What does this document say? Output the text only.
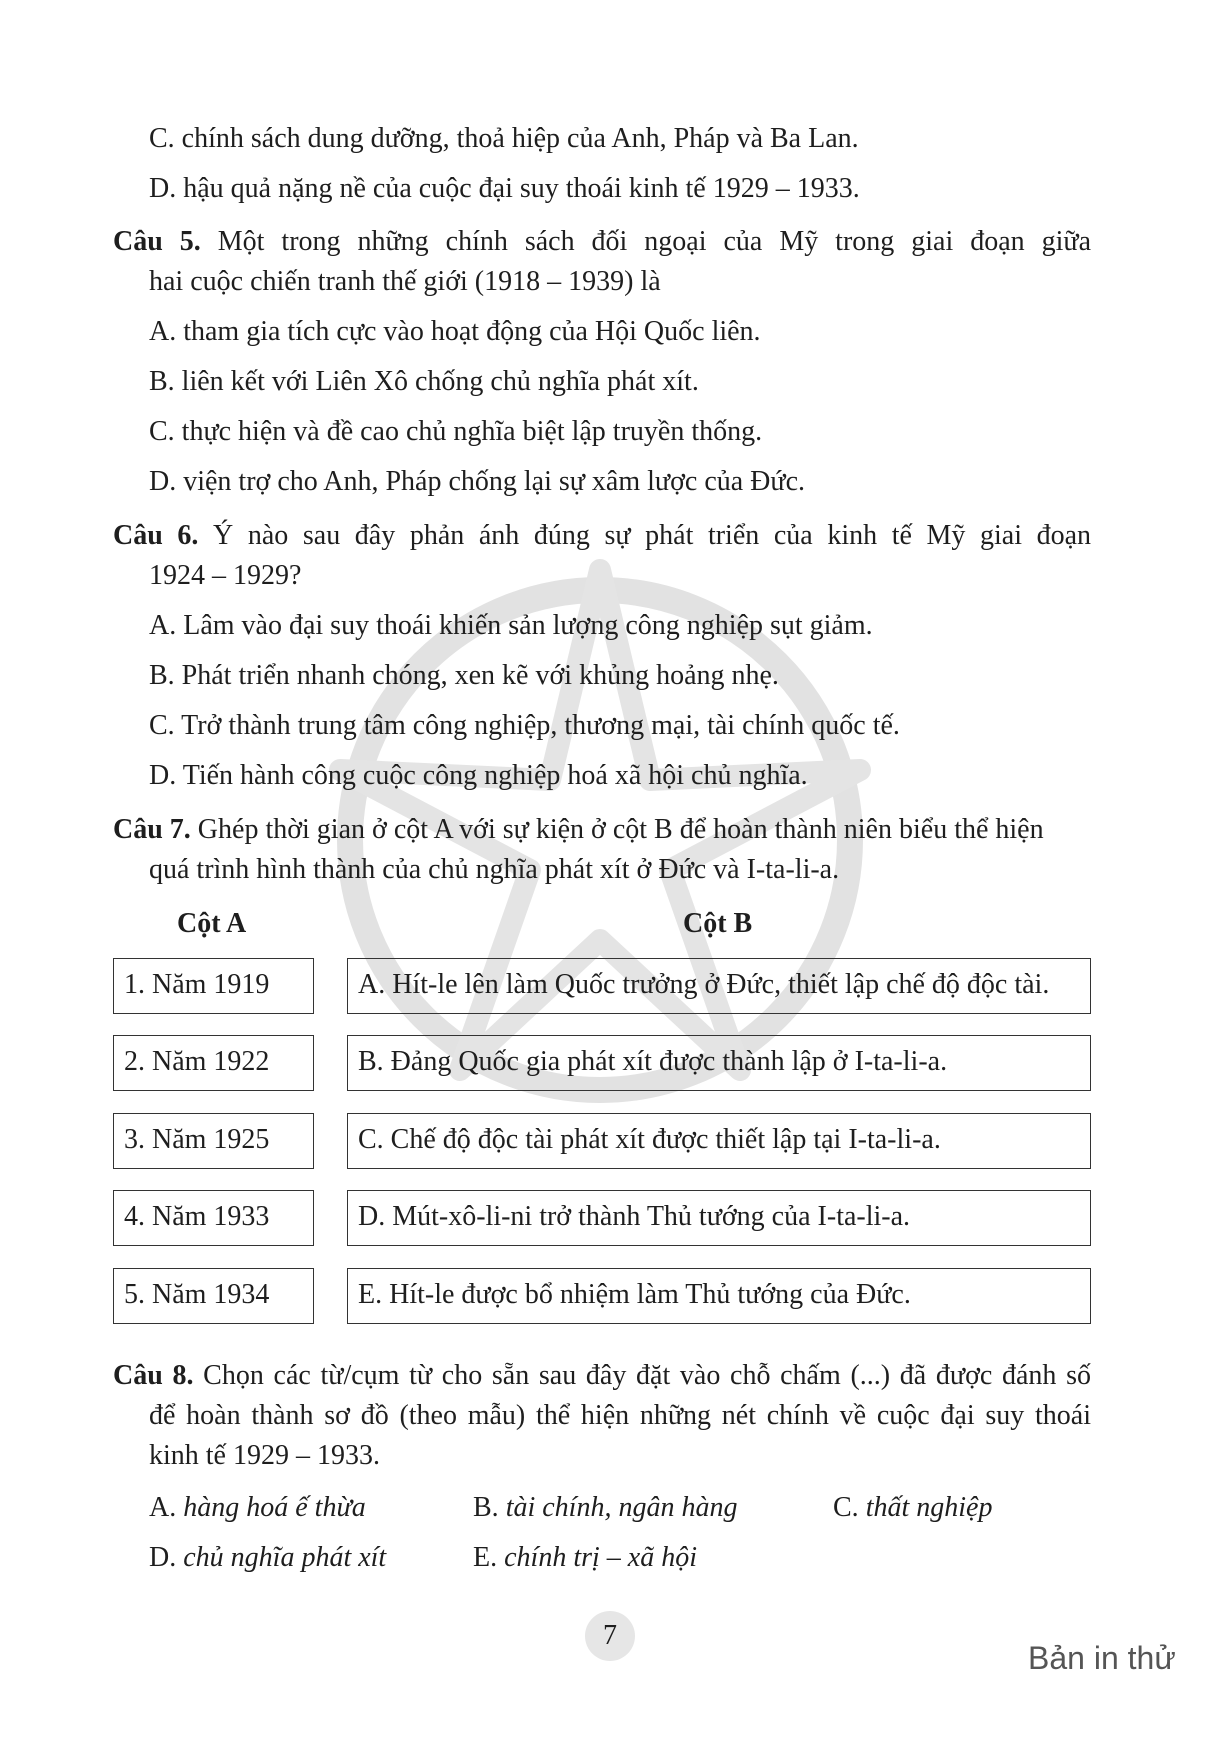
C. chính sách dung dưỡng, thoả hiệp của Anh, Pháp và Ba Lan.
D. hậu quả nặng nề của cuộc đại suy thoái kinh tế 1929 – 1933.
Câu 5. Một trong những chính sách đối ngoại của Mỹ trong giai đoạn giữa
hai cuộc chiến tranh thế giới (1918 – 1939) là
A. tham gia tích cực vào hoạt động của Hội Quốc liên.
B. liên kết với Liên Xô chống chủ nghĩa phát xít.
C. thực hiện và đề cao chủ nghĩa biệt lập truyền thống.
D. viện trợ cho Anh, Pháp chống lại sự xâm lược của Đức.
Câu 6. Ý nào sau đây phản ánh đúng sự phát triển của kinh tế Mỹ giai đoạn
1924 – 1929?
A. Lâm vào đại suy thoái khiến sản lượng công nghiệp sụt giảm.
B. Phát triển nhanh chóng, xen kẽ với khủng hoảng nhẹ.
C. Trở thành trung tâm công nghiệp, thương mại, tài chính quốc tế.
D. Tiến hành công cuộc công nghiệp hoá xã hội chủ nghĩa.
Câu 7. Ghép thời gian ở cột A với sự kiện ở cột B để hoàn thành niên biểu thể hiện
quá trình hình thành của chủ nghĩa phát xít ở Đức và I-ta-li-a.
Cột A	Cột B
1. Năm 1919	A. Hít-le lên làm Quốc trưởng ở Đức, thiết lập chế độ độc tài.
2. Năm 1922	B. Đảng Quốc gia phát xít được thành lập ở I-ta-li-a.
3. Năm 1925	C. Chế độ độc tài phát xít được thiết lập tại I-ta-li-a.
4. Năm 1933	D. Mút-xô-li-ni trở thành Thủ tướng của I-ta-li-a.
5. Năm 1934	E. Hít-le được bổ nhiệm làm Thủ tướng của Đức.
Câu 8. Chọn các từ/cụm từ cho sẵn sau đây đặt vào chỗ chấm (...) đã được đánh số
để hoàn thành sơ đồ (theo mẫu) thể hiện những nét chính về cuộc đại suy thoái
kinh tế 1929 – 1933.
A. hàng hoá ế thừa	B. tài chính, ngân hàng	C. thất nghiệp
D. chủ nghĩa phát xít	E. chính trị – xã hội
7
Bản in thử
